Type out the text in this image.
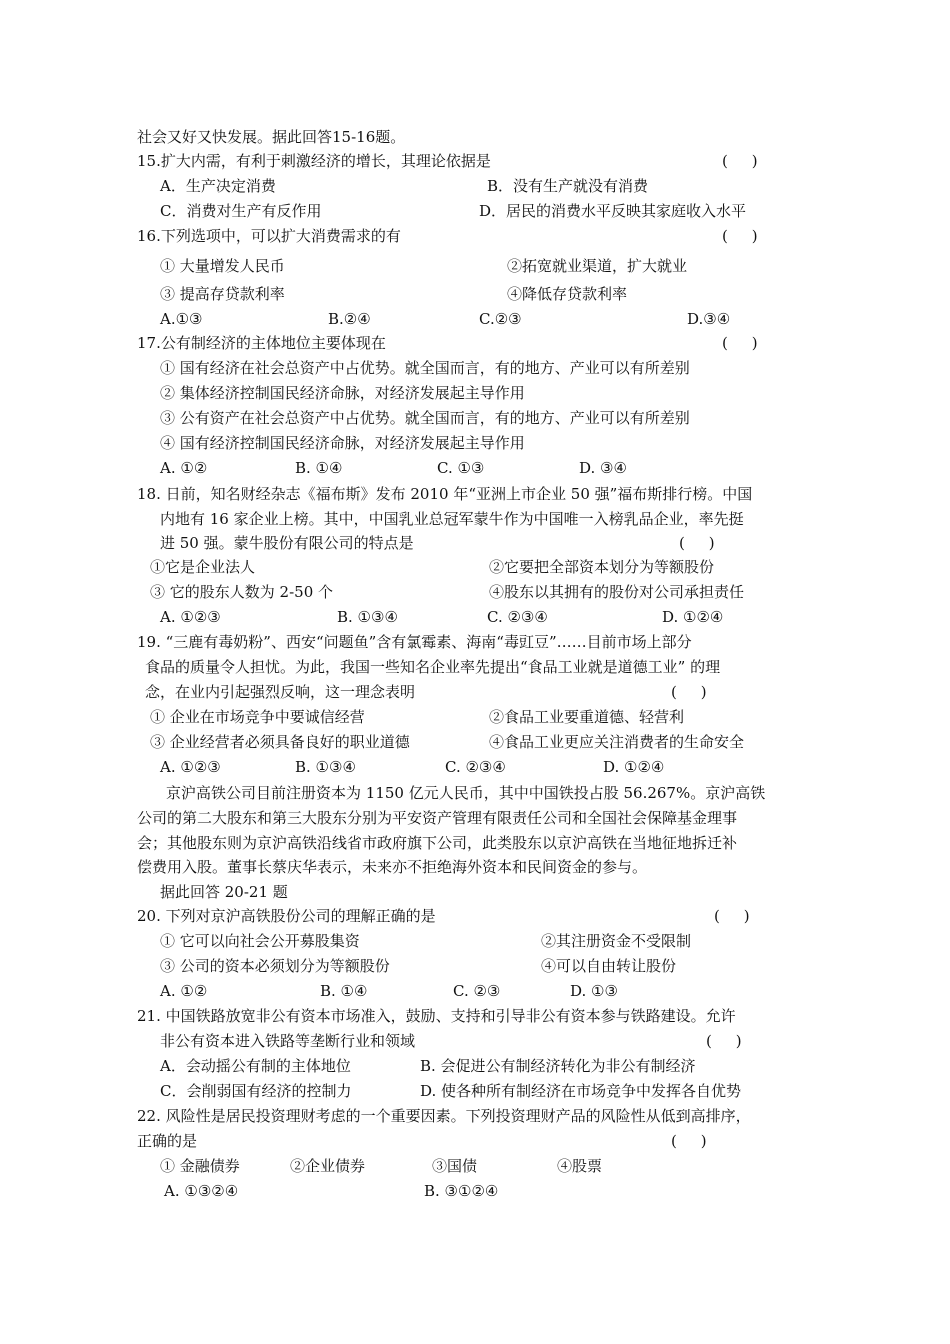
社会又好又快发展。据此回答15-16题。
15.扩大内需，有利于刺激经济的增长，其理论依据是	(     )
A．生产决定消费	B．没有生产就没有消费
C．消费对生产有反作用	D．居民的消费水平反映其家庭收入水平
16.下列选项中，可以扩大消费需求的有	(     )
① 大量增发人民币	②拓宽就业渠道，扩大就业
③ 提高存贷款利率	④降低存贷款利率
A.①③	B.②④	C.②③	D.③④
17.公有制经济的主体地位主要体现在	(     )
① 国有经济在社会总资产中占优势。就全国而言，有的地方、产业可以有所差别
② 集体经济控制国民经济命脉，对经济发展起主导作用
③ 公有资产在社会总资产中占优势。就全国而言，有的地方、产业可以有所差别
④ 国有经济控制国民经济命脉，对经济发展起主导作用
A. ①②	B. ①④	C. ①③	D. ③④
18. 日前，知名财经杂志《福布斯》发布 2010 年“亚洲上市企业 50 强”福布斯排行榜。中国
内地有 16 家企业上榜。其中，中国乳业总冠军蒙牛作为中国唯一入榜乳品企业，率先挺
进 50 强。蒙牛股份有限公司的特点是	(     )
①它是企业法人	②它要把全部资本划分为等额股份
③ 它的股东人数为 2-50 个	④股东以其拥有的股份对公司承担责任
A. ①②③	B. ①③④	C. ②③④	D. ①②④
19. “三鹿有毒奶粉”、西安“问题鱼”含有氯霉素、海南“毒豇豆”……目前市场上部分
食品的质量令人担忧。为此，我国一些知名企业率先提出“食品工业就是道德工业” 的理
念，在业内引起强烈反响，这一理念表明	(     )
① 企业在市场竞争中要诚信经营	②食品工业要重道德、轻营利
③ 企业经营者必须具备良好的职业道德	④食品工业更应关注消费者的生命安全
A. ①②③	B. ①③④	C. ②③④	D. ①②④
京沪高铁公司目前注册资本为 1150 亿元人民币，其中中国铁投占股 56.267%。京沪高铁
公司的第二大股东和第三大股东分别为平安资产管理有限责任公司和全国社会保障基金理事
会；其他股东则为京沪高铁沿线省市政府旗下公司，此类股东以京沪高铁在当地征地拆迁补
偿费用入股。董事长蔡庆华表示，未来亦不拒绝海外资本和民间资金的参与。
据此回答 20-21 题
20. 下列对京沪高铁股份公司的理解正确的是	(     )
① 它可以向社会公开募股集资	②其注册资金不受限制
③ 公司的资本必须划分为等额股份	④可以自由转让股份
A. ①②	B. ①④	C. ②③	D. ①③
21. 中国铁路放宽非公有资本市场准入，鼓励、支持和引导非公有资本参与铁路建设。允许
非公有资本进入铁路等垄断行业和领域	(     )
A．会动摇公有制的主体地位	B. 会促进公有制经济转化为非公有制经济
C．会削弱国有经济的控制力	D. 使各种所有制经济在市场竞争中发挥各自优势
22. 风险性是居民投资理财考虑的一个重要因素。下列投资理财产品的风险性从低到高排序，
正确的是	(     )
① 金融债券	②企业债券	③国债	④股票
A. ①③②④	B. ③①②④
